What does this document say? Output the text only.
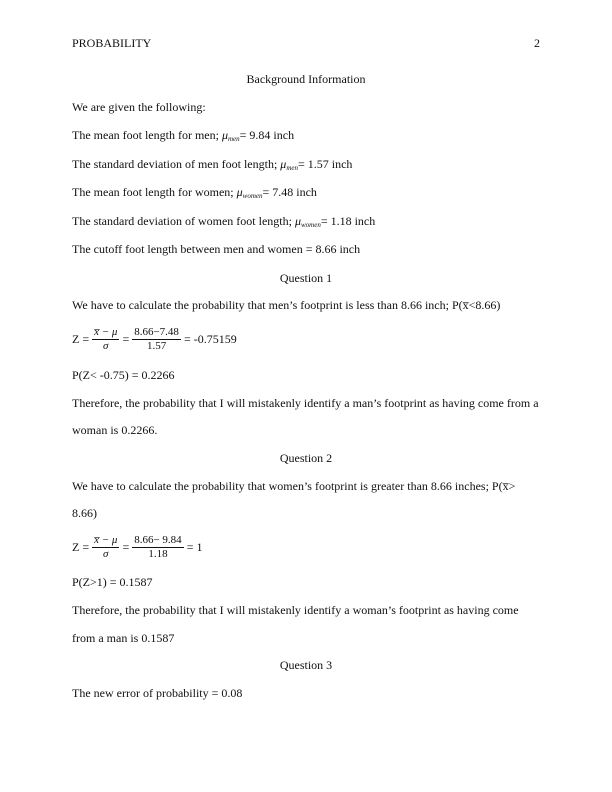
PROBABILITY	2
Background Information
We are given the following:
The mean foot length for men; $\mu_{men}= 9.84$ inch
The standard deviation of men foot length; $\mu_{men}= 1.57$ inch
The mean foot length for women; $\mu_{women}= 7.48$ inch
The standard deviation of women foot length; $\mu_{women}= 1.18$ inch
The cutoff foot length between men and women = 8.66 inch
Question 1
We have to calculate the probability that men’s footprint is less than 8.66 inch; P(x̅<8.66)
$Z = \frac{x̅ - \mu}{\sigma} = \frac{8.66-7.48}{1.57} = -0.75159$
P(Z< -0.75) = 0.2266
Therefore, the probability that I will mistakenly identify a man’s footprint as having come from a
woman is 0.2266.
Question 2
We have to calculate the probability that women’s footprint is greater than 8.66 inches; P(x̅>
8.66)
$Z = \frac{x̅ - \mu}{\sigma} = \frac{8.66- 9.84}{1.18} = 1$
P(Z>1) = 0.1587
Therefore, the probability that I will mistakenly identify a woman’s footprint as having come
from a man is 0.1587
Question 3
The new error of probability = 0.08
